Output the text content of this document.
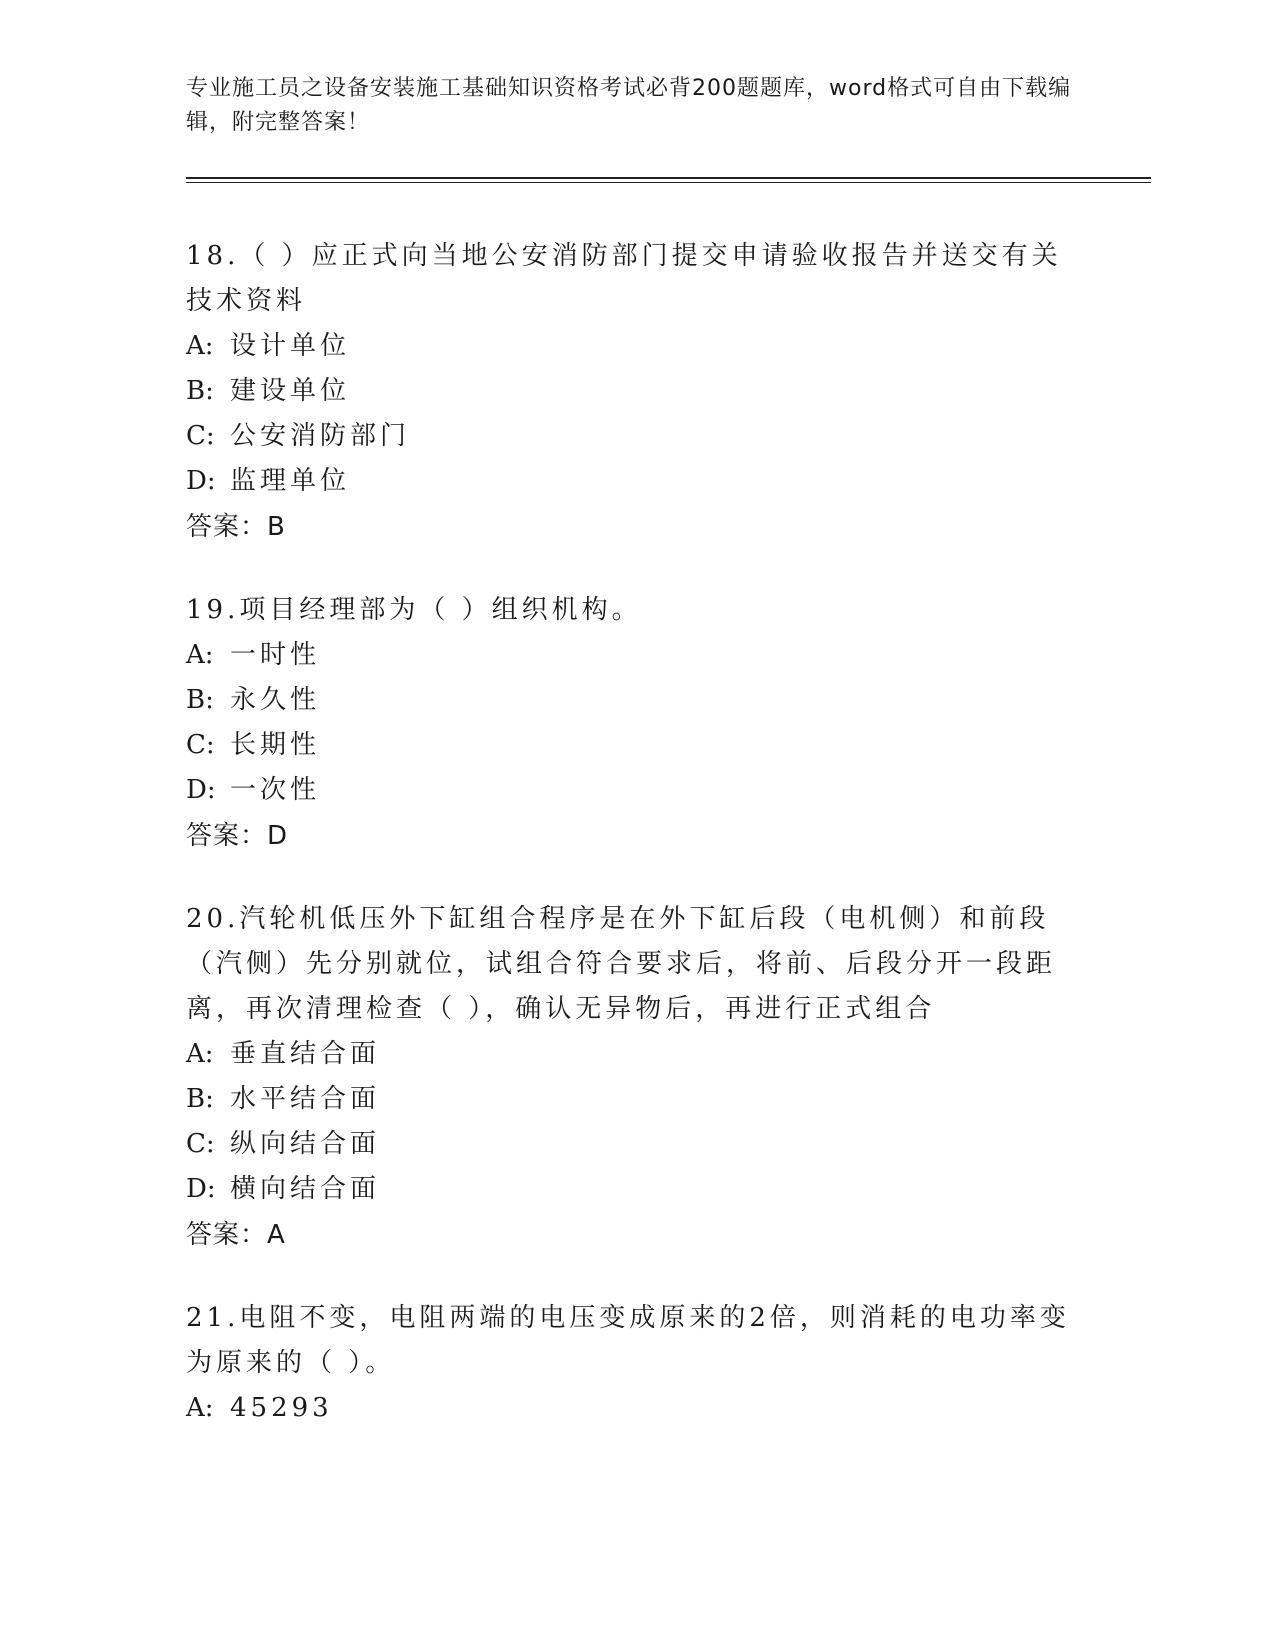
专业施工员之设备安装施工基础知识资格考试必背200题题库，word格式可自由下载编辑，附完整答案！

18.（ ）应正式向当地公安消防部门提交申请验收报告并送交有关技术资料

A: 设计单位
B: 建设单位
C: 公安消防部门
D: 监理单位
答案：B

19.项目经理部为（ ）组织机构。

A: 一时性
B: 永久性
C: 长期性
D: 一次性
答案：D

20.汽轮机低压外下缸组合程序是在外下缸后段（电机侧）和前段（汽侧）先分别就位，试组合符合要求后，将前、后段分开一段距离，再次清理检查（ ），确认无异物后，再进行正式组合

A: 垂直结合面
B: 水平结合面
C: 纵向结合面
D: 横向结合面
答案：A

21.电阻不变，电阻两端的电压变成原来的2倍，则消耗的电功率变为原来的（ ）。

A: 45293
